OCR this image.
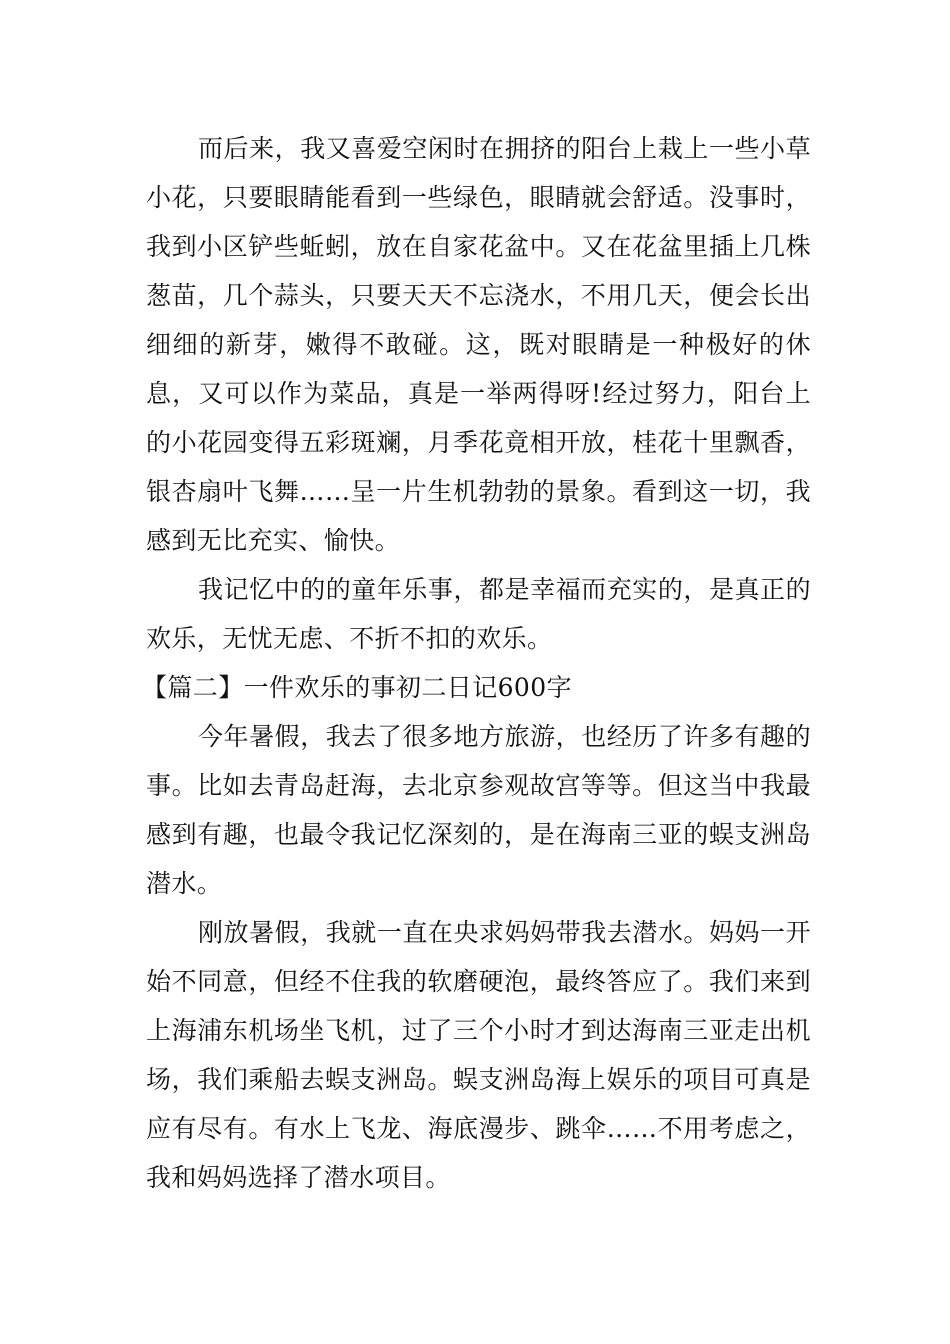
而后来，我又喜爱空闲时在拥挤的阳台上栽上一些小草小花，只要眼睛能看到一些绿色，眼睛就会舒适。没事时，我到小区铲些蚯蚓，放在自家花盆中。又在花盆里插上几株葱苗，几个蒜头，只要天天不忘浇水，不用几天，便会长出细细的新芽，嫩得不敢碰。这，既对眼睛是一种极好的休息，又可以作为菜品，真是一举两得呀!经过努力，阳台上的小花园变得五彩斑斓，月季花竟相开放，桂花十里飘香，银杏扇叶飞舞……呈一片生机勃勃的景象。看到这一切，我感到无比充实、愉快。

我记忆中的的童年乐事，都是幸福而充实的，是真正的欢乐，无忧无虑、不折不扣的欢乐。

【篇二】一件欢乐的事初二日记600字

今年暑假，我去了很多地方旅游，也经历了许多有趣的事。比如去青岛赶海，去北京参观故宫等等。但这当中我最感到有趣，也最令我记忆深刻的，是在海南三亚的蜈支洲岛潜水。

刚放暑假，我就一直在央求妈妈带我去潜水。妈妈一开始不同意，但经不住我的软磨硬泡，最终答应了。我们来到上海浦东机场坐飞机，过了三个小时才到达海南三亚走出机场，我们乘船去蜈支洲岛。蜈支洲岛海上娱乐的项目可真是应有尽有。有水上飞龙、海底漫步、跳伞……不用考虑之，我和妈妈选择了潜水项目。
